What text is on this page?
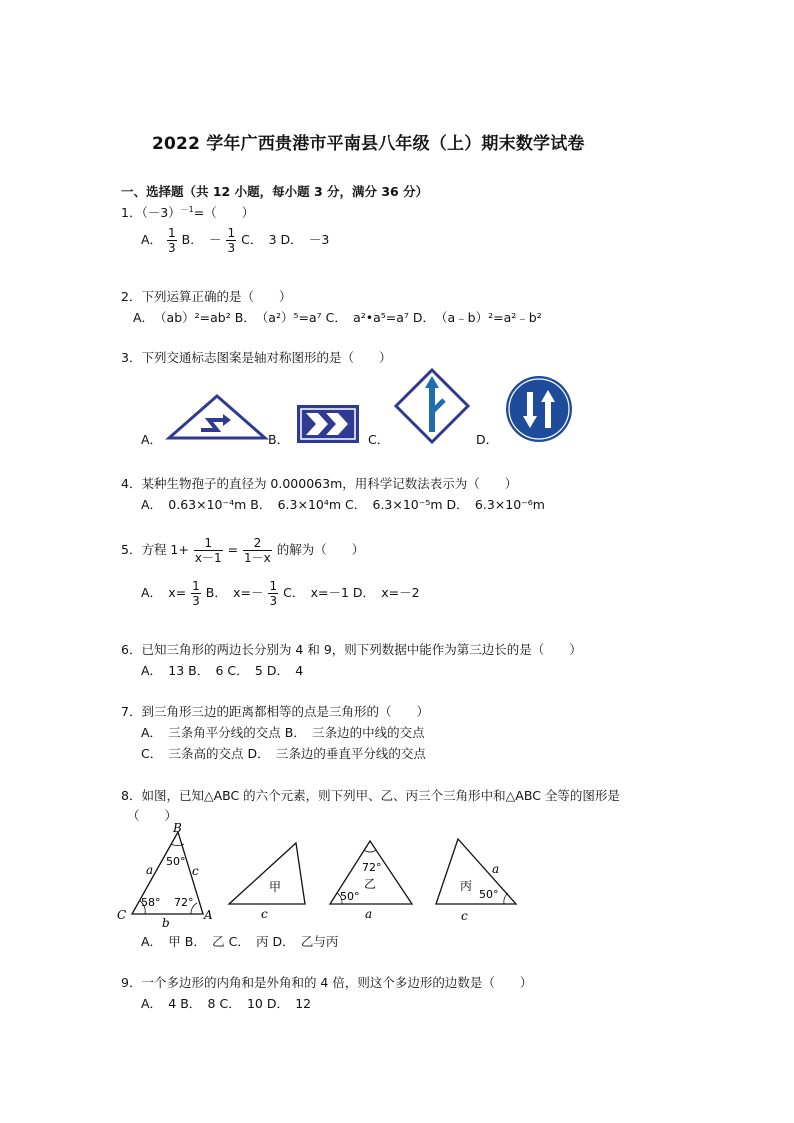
2022 学年广西贵港市平南县八年级（上）期末数学试卷
一、选择题（共 12 小题，每小题 3 分，满分 36 分）
1．$(-3)^{-1}=$（　　）
A． $\frac{1}{3}$ B．　－ $\frac{1}{3}$ C．　3 D．　－3
2．下列运算正确的是（　　）
A．　（ab）²=ab² B．　（a²）⁵=a⁷ C．　a²•a⁵=a⁷ D．　（a﹣b）²=a²﹣b²
3．下列交通标志图案是轴对称图形的是（　　）
A．	B．	C．	D．
4．某种生物孢子的直径为 0.000063m，用科学记数法表示为（　　）
A．　0.63×10⁻⁴m B．　6.3×10⁴m C．　6.3×10⁻⁵m D．　6.3×10⁻⁶m
5．方程 $1+ \frac{1}{x-1} = \frac{2}{1-x}$ 的解为（　　）
A．　$x= \frac{1}{3}$ B．　$x=- \frac{1}{3}$ C．　x=－1 D．　x=－2
6．已知三角形的两边长分别为 4 和 9，则下列数据中能作为第三边长的是（　　）
A．　13 B．　6 C．　5 D．　4
7．到三角形三边的距离都相等的点是三角形的（　　）
A．　三条角平分线的交点 B．　三条边的中线的交点
C．　三条高的交点 D．　三条边的垂直平分线的交点
8．如图，已知△ABC 的六个元素，则下列甲、乙、丙三个三角形中和△ABC 全等的图形是
（　　）
B
C	A
a	c
b
50°
58° 72°
甲
c
72°
乙
50°
a
丙
a
50°
c
A．　甲 B．　乙 C．　丙 D．　乙与丙
9．一个多边形的内角和是外角和的 4 倍，则这个多边形的边数是（　　）
A．　4 B．　8 C．　10 D．　12
